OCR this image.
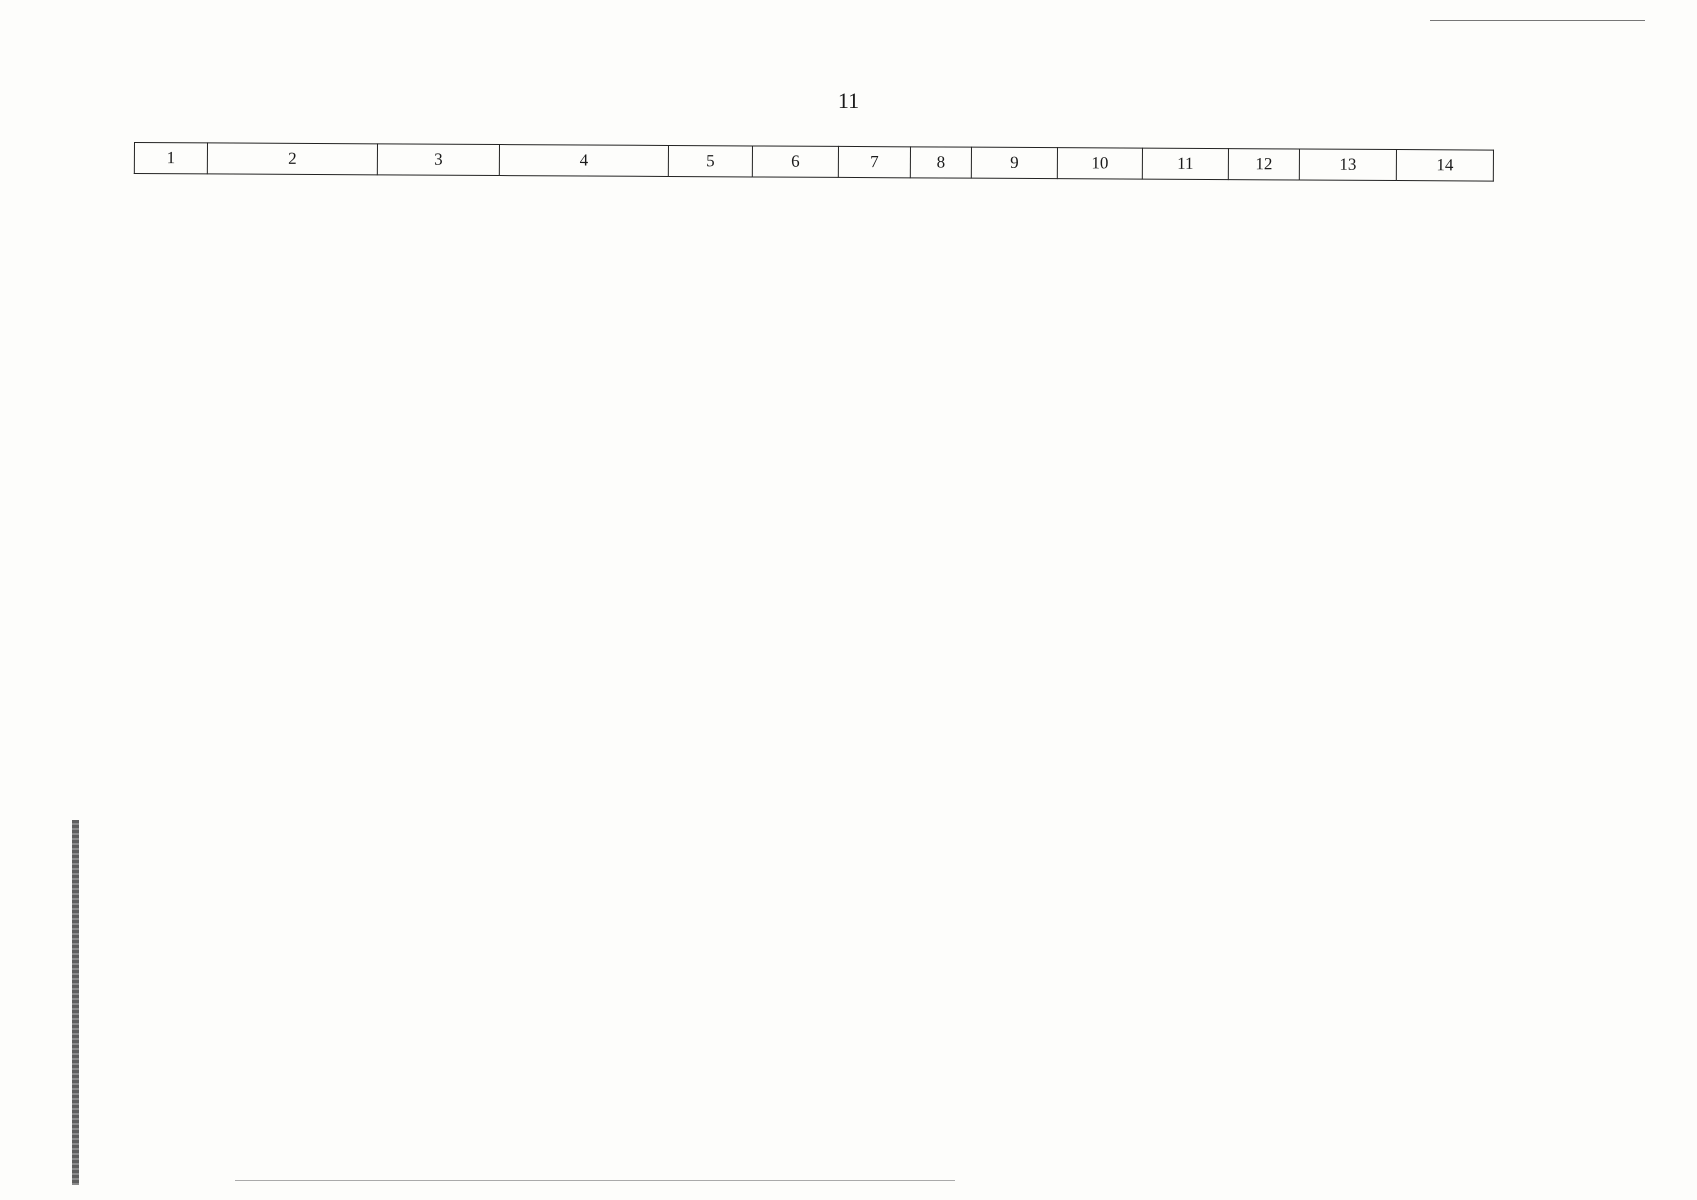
11
1	2	3	4	5	6	7	8	9	10	11	12	13	14
